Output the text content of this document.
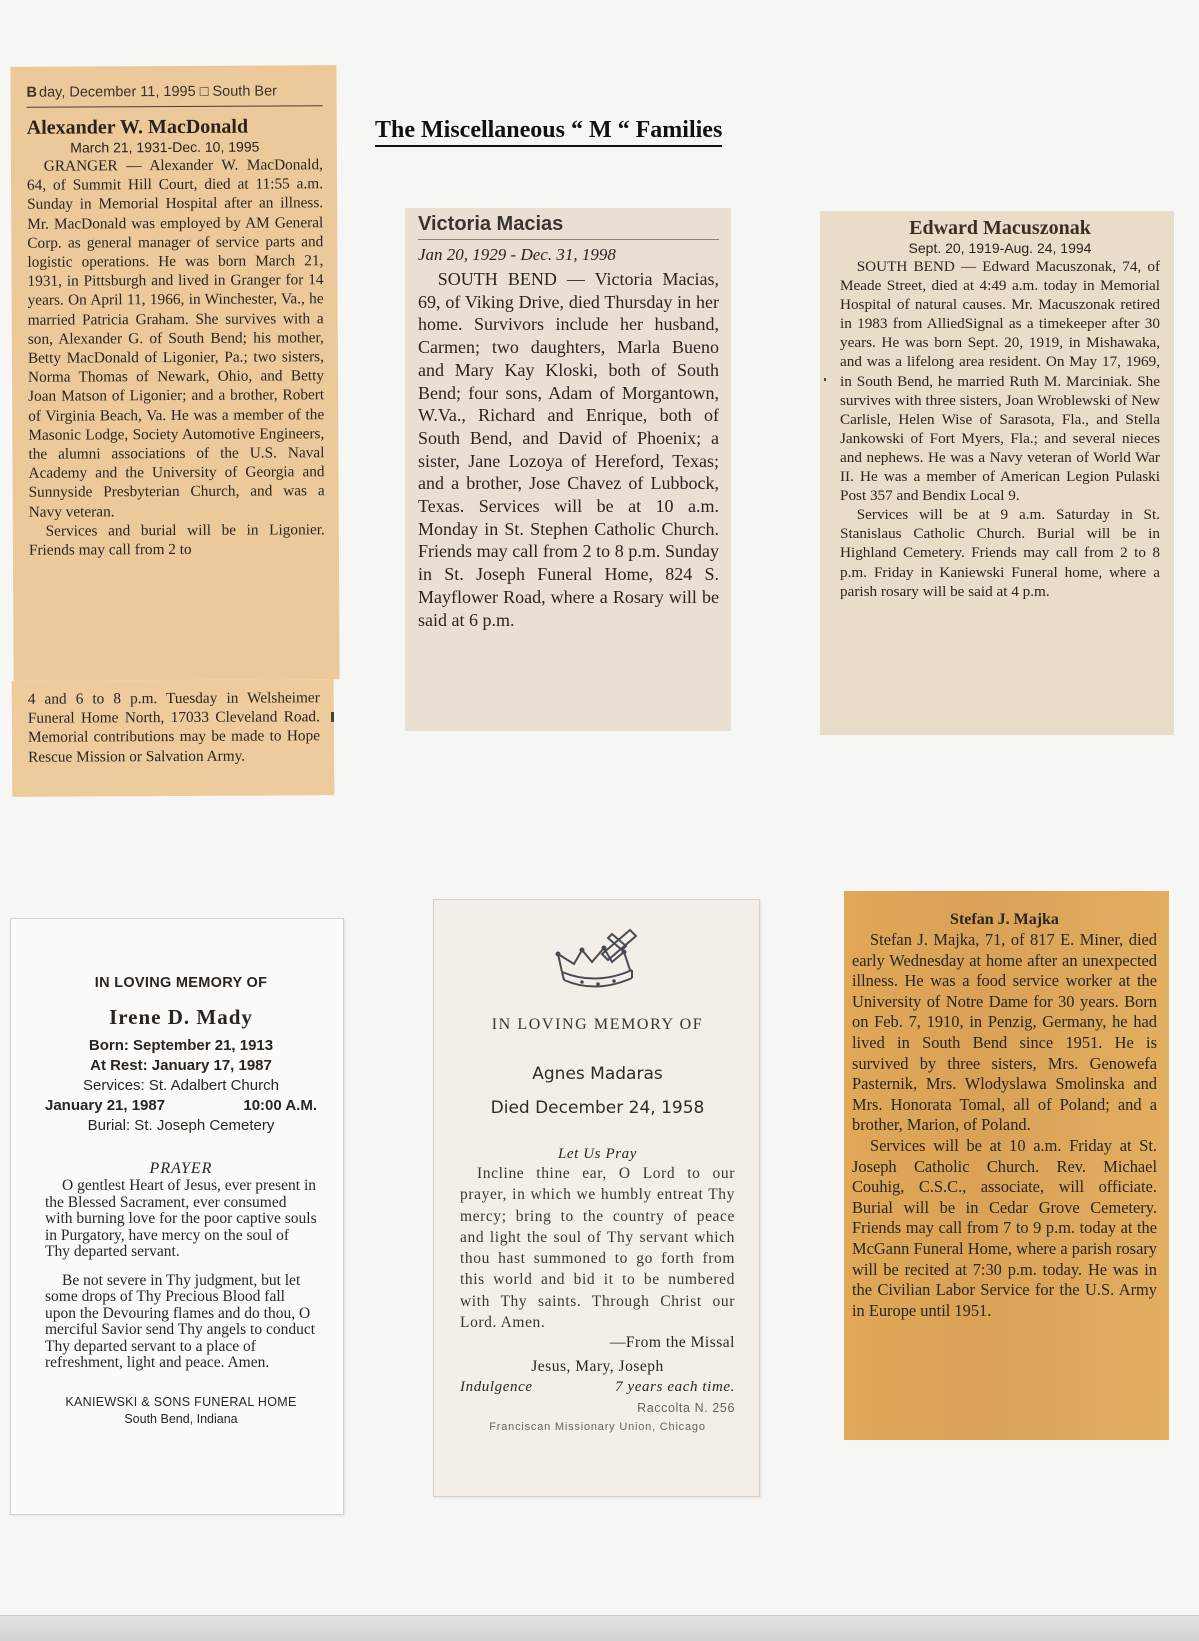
The Miscellaneous “ M “ Families
B day, December 11, 1995 □ South Ber
Alexander W. MacDonald
March 21, 1931-Dec. 10, 1995

GRANGER — Alexander W. MacDonald, 64, of Summit Hill Court, died at 11:55 a.m. Sunday in Memorial Hospital after an illness. Mr. MacDonald was employed by AM General Corp. as general manager of service parts and logistic operations. He was born March 21, 1931, in Pittsburgh and lived in Granger for 14 years. On April 11, 1966, in Winchester, Va., he married Patricia Graham. She survives with a son, Alexander G. of South Bend; his mother, Betty MacDonald of Ligonier, Pa.; two sisters, Norma Thomas of Newark, Ohio, and Betty Joan Matson of Ligonier; and a brother, Robert of Virginia Beach, Va. He was a member of the Masonic Lodge, Society Automotive Engineers, the alumni associations of the U.S. Naval Academy and the University of Georgia and Sunnyside Presbyterian Church, and was a Navy veteran.

Services and burial will be in Ligonier. Friends may call from 2 to

4 and 6 to 8 p.m. Tuesday in Welsheimer Funeral Home North, 17033 Cleveland Road. Memorial contributions may be made to Hope Rescue Mission or Salvation Army.

Victoria Macias
Jan 20, 1929 - Dec. 31, 1998

SOUTH BEND — Victoria Macias, 69, of Viking Drive, died Thursday in her home. Survivors include her husband, Carmen; two daughters, Marla Bueno and Mary Kay Kloski, both of South Bend; four sons, Adam of Morgantown, W.Va., Richard and Enrique, both of South Bend, and David of Phoenix; a sister, Jane Lozoya of Hereford, Texas; and a brother, Jose Chavez of Lubbock, Texas. Services will be at 10 a.m. Monday in St. Stephen Catholic Church. Friends may call from 2 to 8 p.m. Sunday in St. Joseph Funeral Home, 824 S. Mayflower Road, where a Rosary will be said at 6 p.m.

Edward Macuszonak
Sept. 20, 1919-Aug. 24, 1994

SOUTH BEND — Edward Macuszonak, 74, of Meade Street, died at 4:49 a.m. today in Memorial Hospital of natural causes. Mr. Macuszonak retired in 1983 from AlliedSignal as a timekeeper after 30 years. He was born Sept. 20, 1919, in Mishawaka, and was a lifelong area resident. On May 17, 1969, in South Bend, he married Ruth M. Marciniak. She survives with three sisters, Joan Wroblewski of New Carlisle, Helen Wise of Sarasota, Fla., and Stella Jankowski of Fort Myers, Fla.; and several nieces and nephews. He was a Navy veteran of World War II. He was a member of American Legion Pulaski Post 357 and Bendix Local 9.

Services will be at 9 a.m. Saturday in St. Stanislaus Catholic Church. Burial will be in Highland Cemetery. Friends may call from 2 to 8 p.m. Friday in Kaniewski Funeral home, where a parish rosary will be said at 4 p.m.

IN LOVING MEMORY OF
Irene D. Mady
Born: September 21, 1913
At Rest: January 17, 1987
Services: St. Adalbert Church
January 21, 1987	10:00 A.M.
Burial: St. Joseph Cemetery
PRAYER

O gentlest Heart of Jesus, ever present in the Blessed Sacrament, ever consumed with burning love for the poor captive souls in Purgatory, have mercy on the soul of Thy departed servant.

Be not severe in Thy judgment, but let some drops of Thy Precious Blood fall upon the Devouring flames and do thou, O merciful Savior send Thy angels to conduct Thy departed servant to a place of refreshment, light and peace. Amen.

KANIEWSKI & SONS FUNERAL HOME
South Bend, Indiana
IN LOVING MEMORY OF
Agnes Madaras
Died December 24, 1958
Let Us Pray

Incline thine ear, O Lord to our prayer, in which we humbly entreat Thy mercy; bring to the country of peace and light the soul of Thy servant which thou hast summoned to go forth from this world and bid it to be numbered with Thy saints. Through Christ our Lord. Amen.

—From the Missal
Jesus, Mary, Joseph
Indulgence	7 years each time.
Raccolta N. 256
Franciscan Missionary Union, Chicago
Stefan J. Majka

Stefan J. Majka, 71, of 817 E. Miner, died early Wednesday at home after an unexpected illness. He was a food service worker at the University of Notre Dame for 30 years. Born on Feb. 7, 1910, in Penzig, Germany, he had lived in South Bend since 1951. He is survived by three sisters, Mrs. Genowefa Pasternik, Mrs. Wlodyslawa Smolinska and Mrs. Honorata Tomal, all of Poland; and a brother, Marion, of Poland.

Services will be at 10 a.m. Friday at St. Joseph Catholic Church. Rev. Michael Couhig, C.S.C., associate, will officiate. Burial will be in Cedar Grove Cemetery. Friends may call from 7 to 9 p.m. today at the McGann Funeral Home, where a parish rosary will be recited at 7:30 p.m. today. He was in the Civilian Labor Service for the U.S. Army in Europe until 1951.
